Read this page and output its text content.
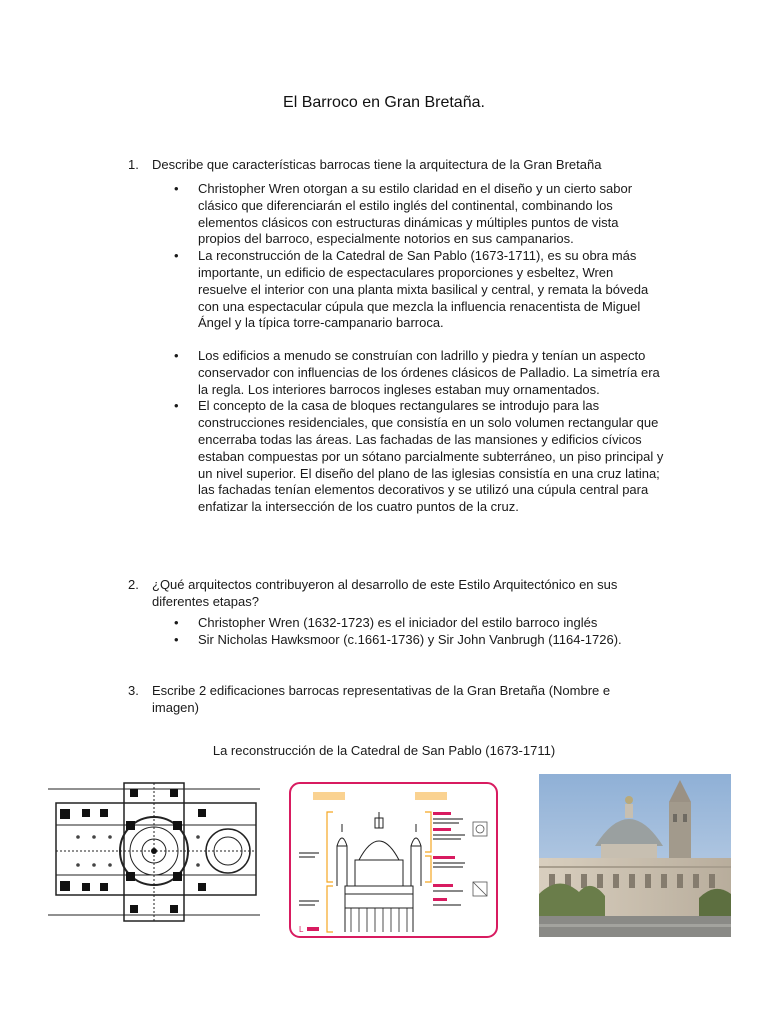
El Barroco en Gran Bretaña.
1.	Describe que características barrocas tiene la arquitectura de la Gran Bretaña
• Christopher Wren otorgan a su estilo claridad en el diseño y un cierto sabor clásico que diferenciarán el estilo inglés del continental, combinando los elementos clásicos con estructuras dinámicas y múltiples puntos de vista propios del barroco, especialmente notorios en sus campanarios.
• La reconstrucción de la Catedral de San Pablo (1673-1711), es su obra más importante, un edificio de espectaculares proporciones y esbeltez, Wren resuelve el interior con una planta mixta basilical y central, y remata la bóveda con una espectacular cúpula que mezcla la influencia renacentista de Miguel Ángel y la típica torre-campanario barroca.
• Los edificios a menudo se construían con ladrillo y piedra y tenían un aspecto conservador con influencias de los órdenes clásicos de Palladio. La simetría era la regla. Los interiores barrocos ingleses estaban muy ornamentados.
• El concepto de la casa de bloques rectangulares se introdujo para las construcciones residenciales, que consistía en un solo volumen rectangular que encerraba todas las áreas. Las fachadas de las mansiones y edificios cívicos estaban compuestas por un sótano parcialmente subterráneo, un piso principal y un nivel superior. El diseño del plano de las iglesias consistía en una cruz latina; las fachadas tenían elementos decorativos y se utilizó una cúpula central para enfatizar la intersección de los cuatro puntos de la cruz.
2.	¿Qué arquitectos contribuyeron al desarrollo de este Estilo Arquitectónico en sus diferentes etapas?
• Christopher Wren (1632-1723) es el iniciador del estilo barroco inglés
• Sir Nicholas Hawksmoor (c.1661-1736) y Sir John Vanbrugh (1164-1726).
3.	Escribe 2 edificaciones barrocas representativas de la Gran Bretaña (Nombre e imagen)
La reconstrucción de la Catedral de San Pablo (1673-1711)
L
